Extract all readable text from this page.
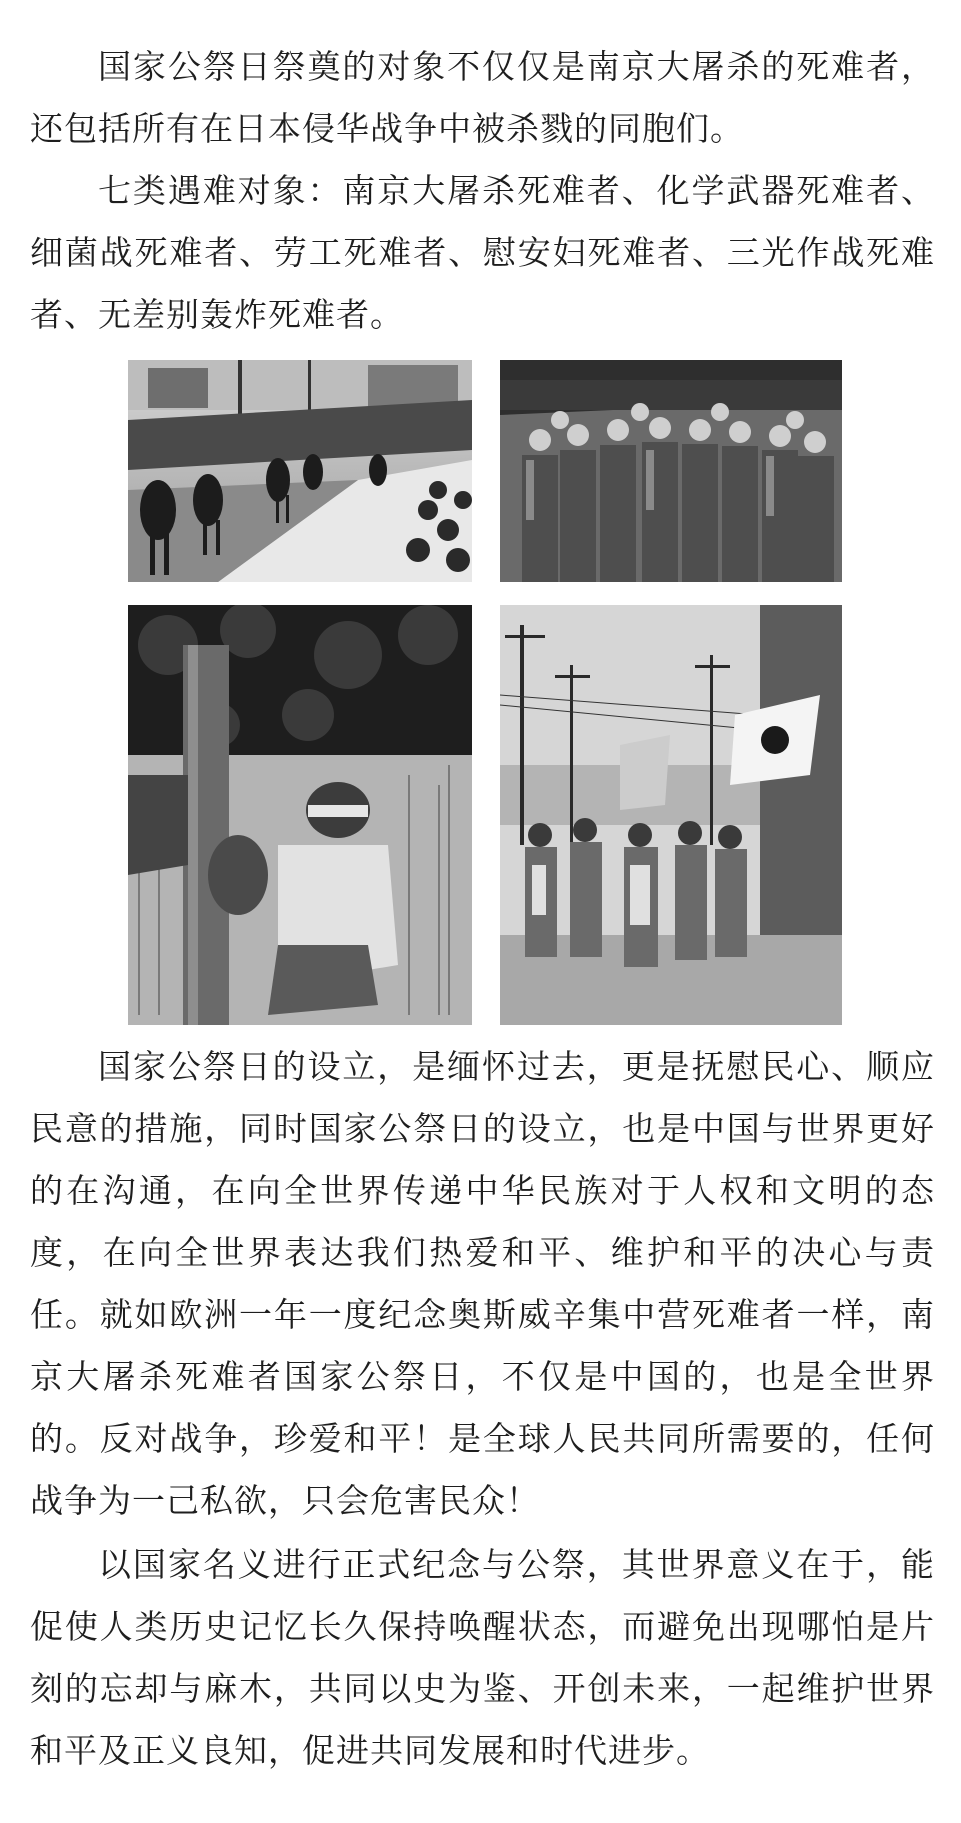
国家公祭日祭奠的对象不仅仅是南京大屠杀的死难者，还包括所有在日本侵华战争中被杀戮的同胞们。

七类遇难对象：南京大屠杀死难者、化学武器死难者、细菌战死难者、劳工死难者、慰安妇死难者、三光作战死难者、无差别轰炸死难者。

国家公祭日的设立，是缅怀过去，更是抚慰民心、顺应民意的措施，同时国家公祭日的设立，也是中国与世界更好的在沟通，在向全世界传递中华民族对于人权和文明的态度，在向全世界表达我们热爱和平、维护和平的决心与责任。就如欧洲一年一度纪念奥斯威辛集中营死难者一样，南京大屠杀死难者国家公祭日，不仅是中国的，也是全世界的。反对战争，珍爱和平！是全球人民共同所需要的，任何战争为一己私欲，只会危害民众！

以国家名义进行正式纪念与公祭，其世界意义在于，能促使人类历史记忆长久保持唤醒状态，而避免出现哪怕是片刻的忘却与麻木，共同以史为鉴、开创未来，一起维护世界和平及正义良知，促进共同发展和时代进步。
